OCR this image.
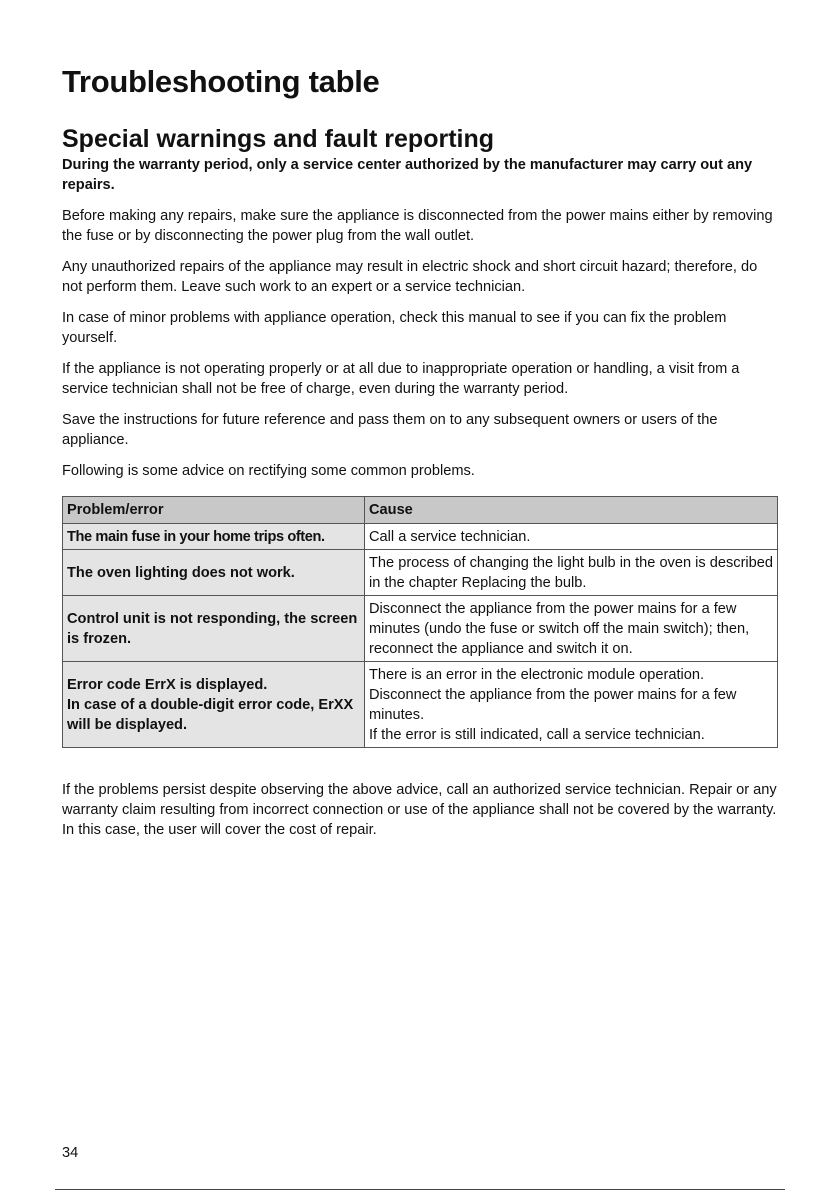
Troubleshooting table
Special warnings and fault reporting

During the warranty period, only a service center authorized by the manufacturer may carry out any repairs.

Before making any repairs, make sure the appliance is disconnected from the power mains either by removing the fuse or by disconnecting the power plug from the wall outlet.

Any unauthorized repairs of the appliance may result in electric shock and short circuit hazard; therefore, do not perform them. Leave such work to an expert or a service technician.

In case of minor problems with appliance operation, check this manual to see if you can fix the problem yourself.

If the appliance is not operating properly or at all due to inappropriate operation or handling, a visit from a service technician shall not be free of charge, even during the warranty period.

Save the instructions for future reference and pass them on to any subsequent owners or users of the appliance.

Following is some advice on rectifying some common problems.

Problem/error	Cause
The main fuse in your home trips often.	Call a service technician.
The oven lighting does not work.	The process of changing the light bulb in the oven is described in the chapter Replacing the bulb.
Control unit is not responding, the screen is frozen.	Disconnect the appliance from the power mains for a few minutes (undo the fuse or switch off the main switch); then, reconnect the appliance and switch it on.
Error code ErrX is displayed.
In case of a double-digit error code, ErXX will be displayed.	There is an error in the electronic module operation.
Disconnect the appliance from the power mains for a few minutes.
If the error is still indicated, call a service technician.

If the problems persist despite observing the above advice, call an authorized service technician. Repair or any warranty claim resulting from incorrect connection or use of the appliance shall not be covered by the warranty. In this case, the user will cover the cost of repair.

34
